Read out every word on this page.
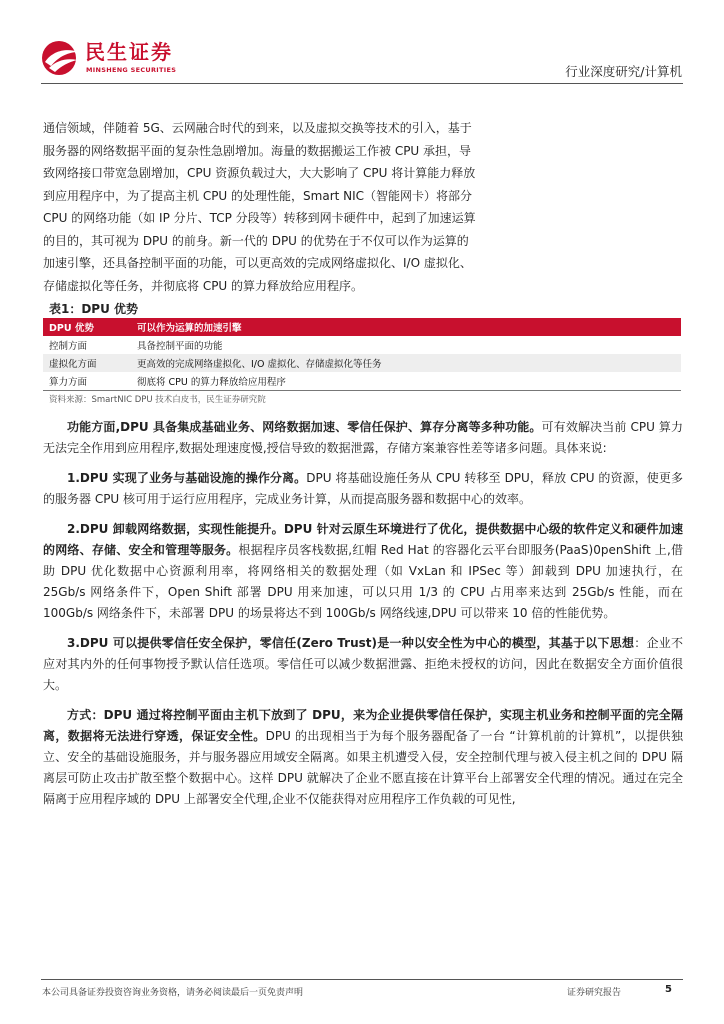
民生证券
MINSHENG SECURITIES	行业深度研究/计算机

通信领域，伴随着 5G、云网融合时代的到来，以及虚拟交换等技术的引入，基于

服务器的网络数据平面的复杂性急剧增加。海量的数据搬运工作被 CPU 承担，导

致网络接口带宽急剧增加，CPU 资源负载过大，大大影响了 CPU 将计算能力释放

到应用程序中，为了提高主机 CPU 的处理性能，Smart NIC（智能网卡）将部分

CPU 的网络功能（如 IP 分片、TCP 分段等）转移到网卡硬件中，起到了加速运算

的目的，其可视为 DPU 的前身。新一代的 DPU 的优势在于不仅可以作为运算的

加速引擎，还具备控制平面的功能，可以更高效的完成网络虚拟化、I/O 虚拟化、

存储虚拟化等任务，并彻底将 CPU 的算力释放给应用程序。

表1：DPU 优势
DPU 优势	可以作为运算的加速引擎
控制方面	具备控制平面的功能
虚拟化方面	更高效的完成网络虚拟化、I/O 虚拟化、存储虚拟化等任务
算力方面	彻底将 CPU 的算力释放给应用程序
资料来源：SmartNIC DPU 技术白皮书，民生证券研究院

功能方面,DPU 具备集成基础业务、网络数据加速、零信任保护、算存分离等多种功能。可有效解决当前 CPU 算力无法完全作用到应用程序,数据处理速度慢,授信导致的数据泄露，存储方案兼容性差等诸多问题。具体来说:

1.DPU 实现了业务与基础设施的操作分离。DPU 将基础设施任务从 CPU 转移至 DPU，释放 CPU 的资源，使更多的服务器 CPU 核可用于运行应用程序，完成业务计算，从而提高服务器和数据中心的效率。

2.DPU 卸载网络数据，实现性能提升。DPU 针对云原生环境进行了优化，提供数据中心级的软件定义和硬件加速的网络、存储、安全和管理等服务。根据程序员客栈数据,红帽 Red Hat 的容器化云平台即服务(PaaS)0penShift 上,借助 DPU 优化数据中心资源利用率，将网络相关的数据处理（如 VxLan 和 IPSec 等）卸载到 DPU 加速执行，在 25Gb/s 网络条件下，Open Shift 部署 DPU 用来加速，可以只用 1/3 的 CPU 占用率来达到 25Gb/s 性能，而在 100Gb/s 网络条件下，未部署 DPU 的场景将达不到 100Gb/s 网络线速,DPU 可以带来 10 倍的性能优势。

3.DPU 可以提供零信任安全保护，零信任(Zero Trust)是一种以安全性为中心的模型，其基于以下思想：企业不应对其内外的任何事物授予默认信任选项。零信任可以减少数据泄露、拒绝未授权的访问，因此在数据安全方面价值很大。

方式：DPU 通过将控制平面由主机下放到了 DPU，来为企业提供零信任保护，实现主机业务和控制平面的完全隔离，数据将无法进行穿透，保证安全性。DPU 的出现相当于为每个服务器配备了一台 “计算机前的计算机”，以提供独立、安全的基础设施服务，并与服务器应用域安全隔离。如果主机遭受入侵，安全控制代理与被入侵主机之间的 DPU 隔离层可防止攻击扩散至整个数据中心。这样 DPU 就解决了企业不愿直接在计算平台上部署安全代理的情况。通过在完全隔离于应用程序域的 DPU 上部署安全代理,企业不仅能获得对应用程序工作负载的可见性,

本公司具备证券投资咨询业务资格，请务必阅读最后一页免责声明	证券研究报告	5
